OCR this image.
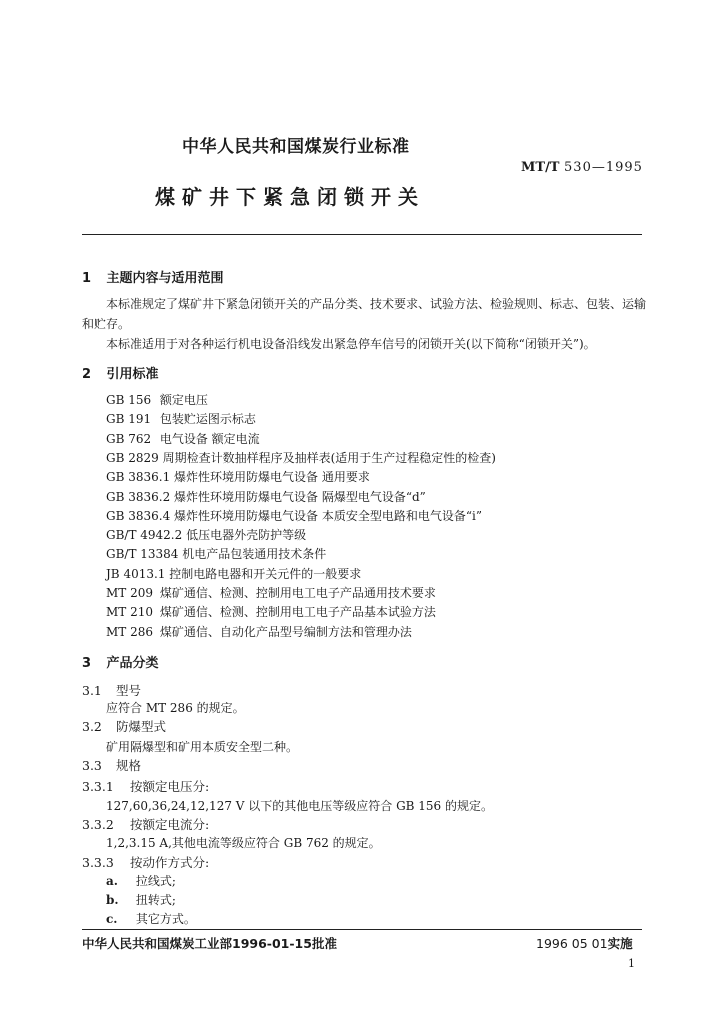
中华人民共和国煤炭行业标准
MT/T 530—1995
煤矿井下紧急闭锁开关
1 主题内容与适用范围
本标准规定了煤矿井下紧急闭锁开关的产品分类、技术要求、试验方法、检验规则、标志、包装、运输
和贮存。
本标准适用于对各种运行机电设备沿线发出紧急停车信号的闭锁开关(以下简称“闭锁开关”)。
2 引用标准
GB 156 额定电压
GB 191 包装贮运图示标志
GB 762 电气设备 额定电流
GB 2829 周期检查计数抽样程序及抽样表(适用于生产过程稳定性的检查)
GB 3836.1 爆炸性环境用防爆电气设备 通用要求
GB 3836.2 爆炸性环境用防爆电气设备 隔爆型电气设备“d”
GB 3836.4 爆炸性环境用防爆电气设备 本质安全型电路和电气设备“i”
GB/T 4942.2 低压电器外壳防护等级
GB/T 13384 机电产品包装通用技术条件
JB 4013.1 控制电路电器和开关元件的一般要求
MT 209 煤矿通信、检测、控制用电工电子产品通用技术要求
MT 210 煤矿通信、检测、控制用电工电子产品基本试验方法
MT 286 煤矿通信、自动化产品型号编制方法和管理办法
3 产品分类
3.1 型号
应符合 MT 286 的规定。
3.2 防爆型式
矿用隔爆型和矿用本质安全型二种。
3.3 规格
3.3.1 按额定电压分:
127,60,36,24,12,127 V 以下的其他电压等级应符合 GB 156 的规定。
3.3.2 按额定电流分:
1,2,3.15 A,其他电流等级应符合 GB 762 的规定。
3.3.3 按动作方式分:
a. 拉线式;
b. 扭转式;
c. 其它方式。
中华人民共和国煤炭工业部1996-01-15批准	1996 05 01实施
1
